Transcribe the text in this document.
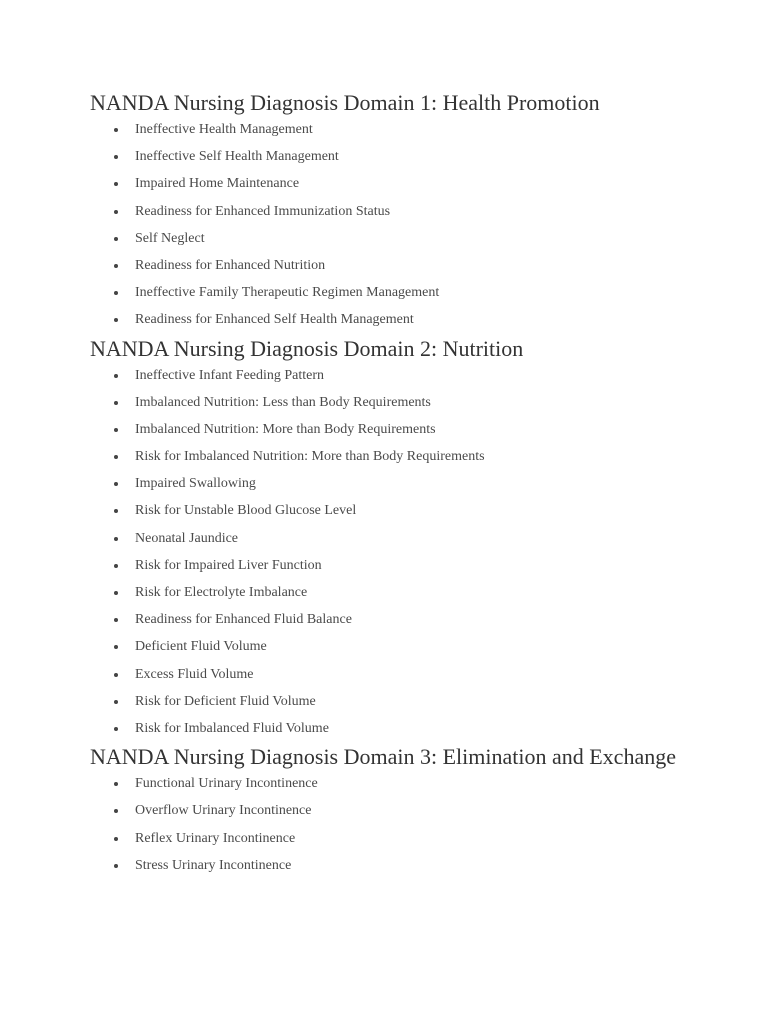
NANDA Nursing Diagnosis Domain 1: Health Promotion
Ineffective Health Management
Ineffective Self Health Management
Impaired Home Maintenance
Readiness for Enhanced Immunization Status
Self Neglect
Readiness for Enhanced Nutrition
Ineffective Family Therapeutic Regimen Management
Readiness for Enhanced Self Health Management
NANDA Nursing Diagnosis Domain 2: Nutrition
Ineffective Infant Feeding Pattern
Imbalanced Nutrition: Less than Body Requirements
Imbalanced Nutrition: More than Body Requirements
Risk for Imbalanced Nutrition: More than Body Requirements
Impaired Swallowing
Risk for Unstable Blood Glucose Level
Neonatal Jaundice
Risk for Impaired Liver Function
Risk for Electrolyte Imbalance
Readiness for Enhanced Fluid Balance
Deficient Fluid Volume
Excess Fluid Volume
Risk for Deficient Fluid Volume
Risk for Imbalanced Fluid Volume
NANDA Nursing Diagnosis Domain 3: Elimination and Exchange
Functional Urinary Incontinence
Overflow Urinary Incontinence
Reflex Urinary Incontinence
Stress Urinary Incontinence
